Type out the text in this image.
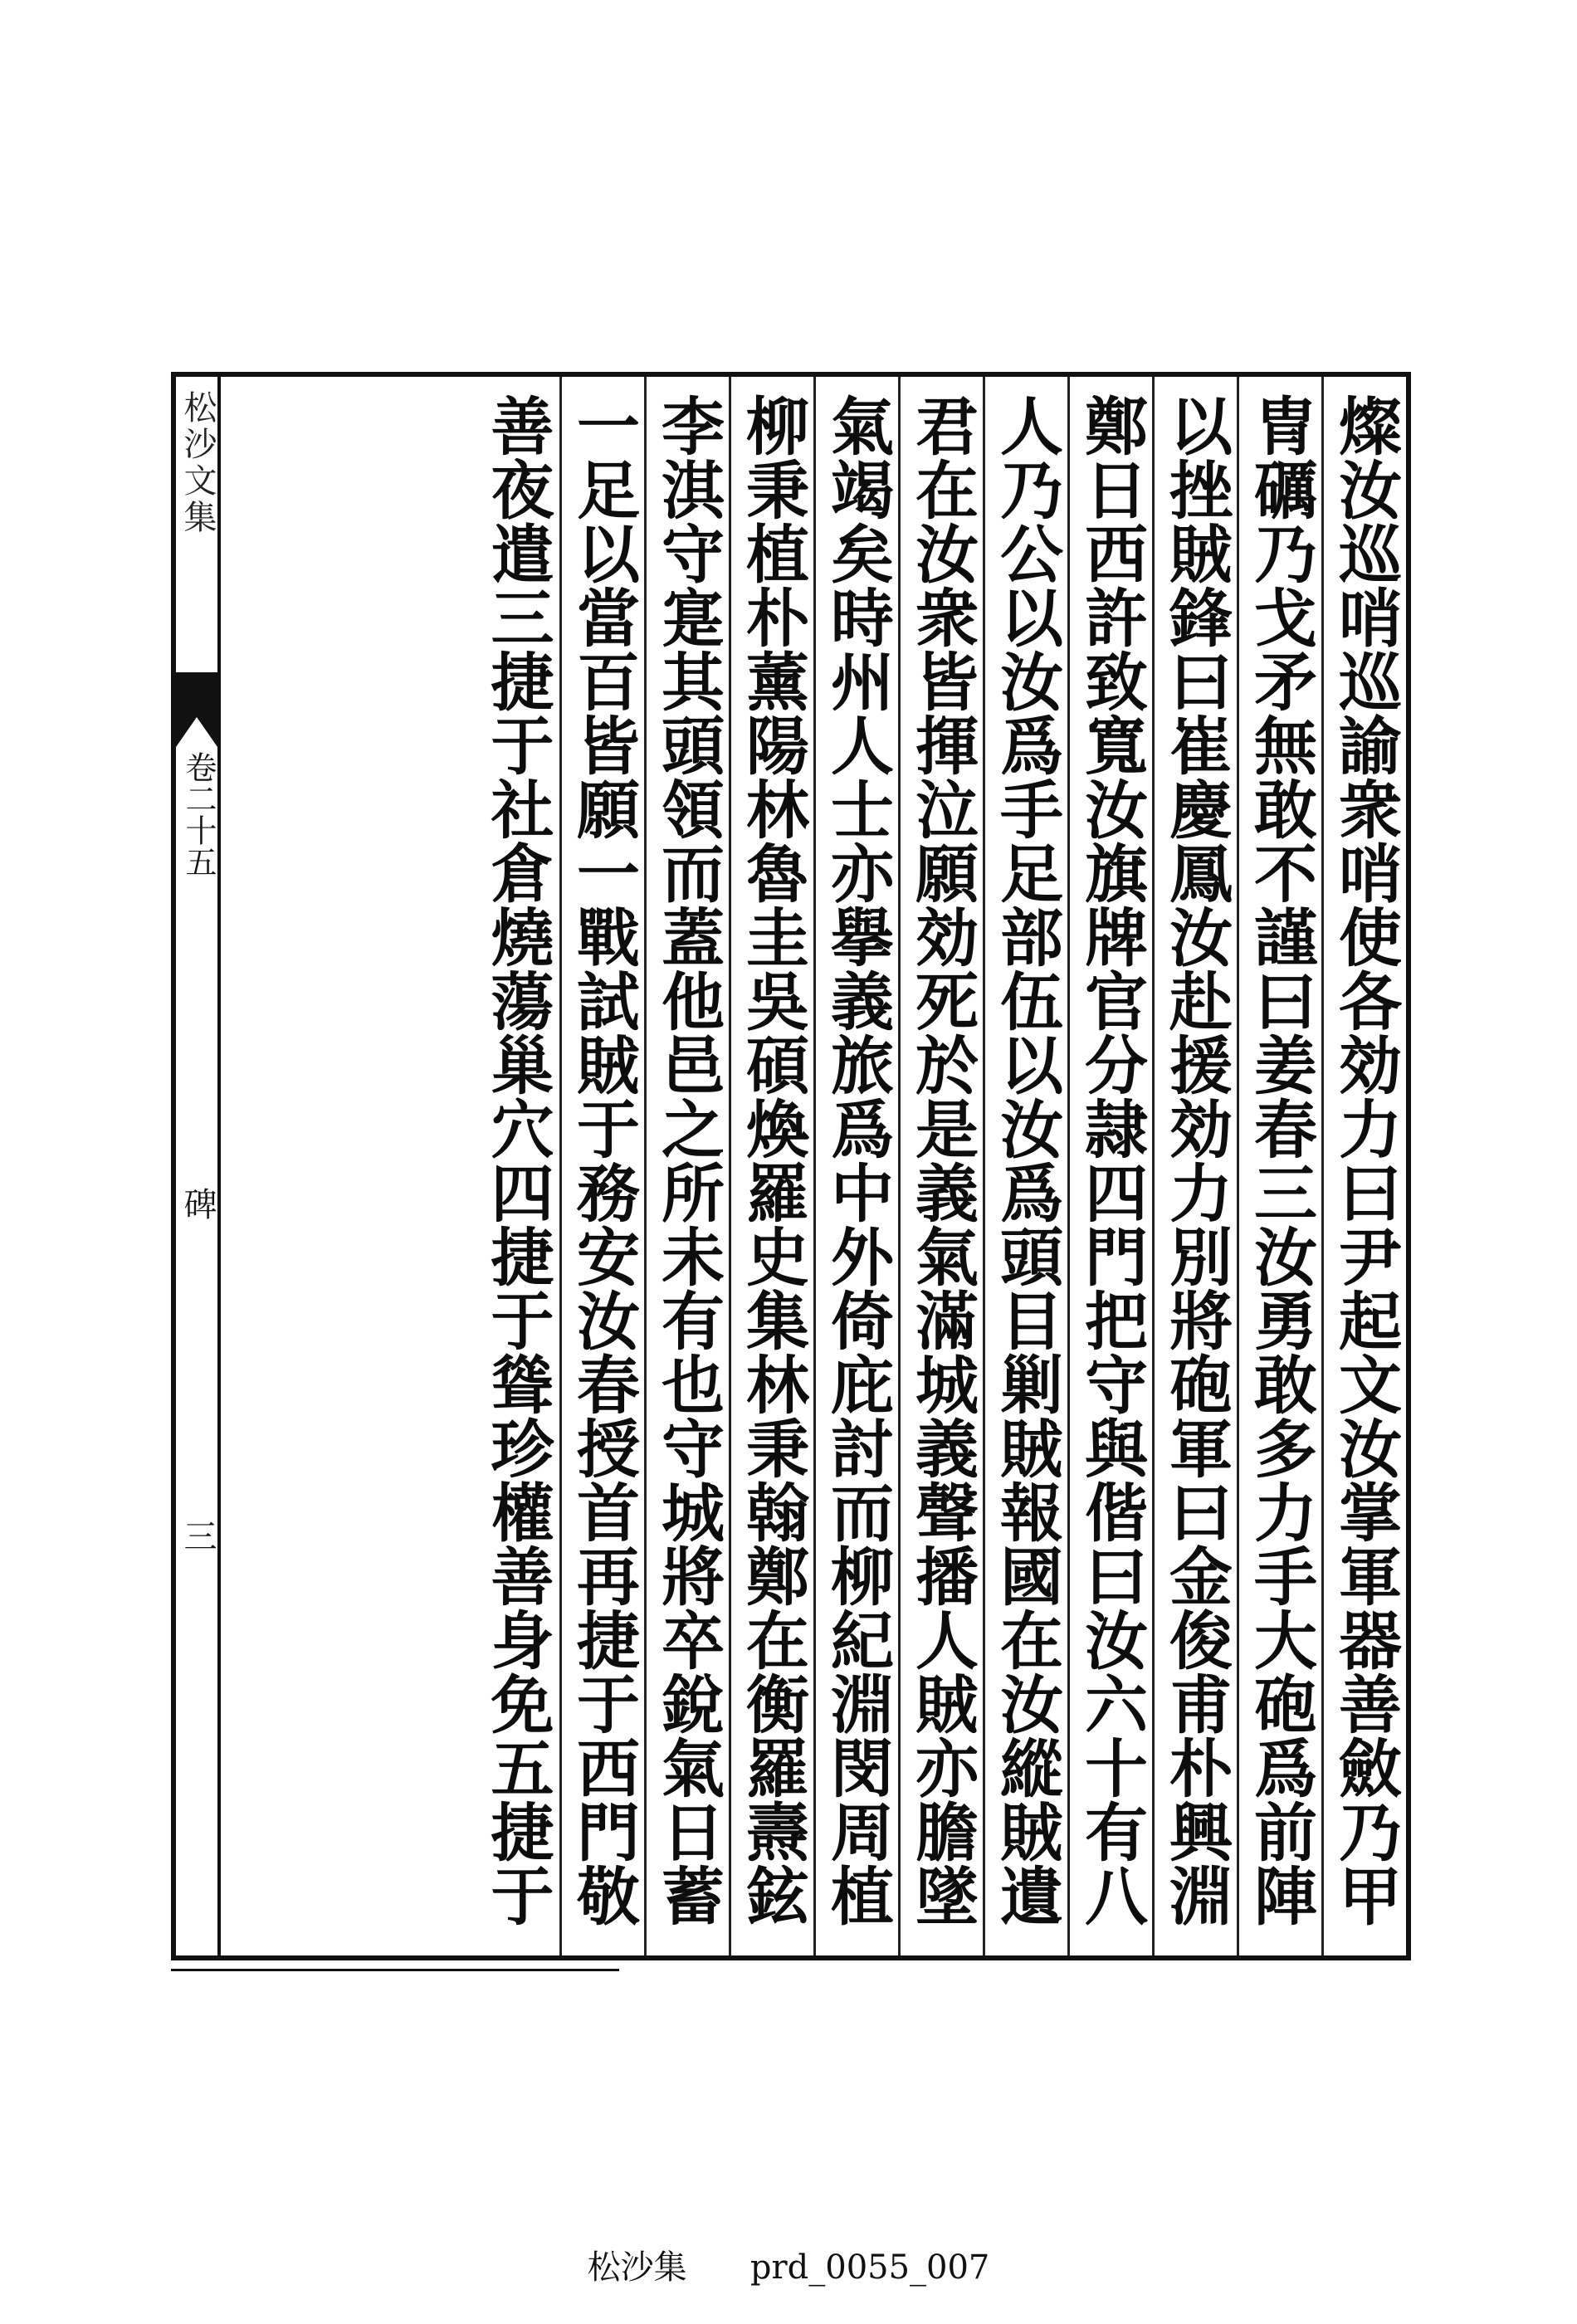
松沙文集
卷二十五
碑
三	燦汝巡哨巡諭衆哨使各効力曰尹起文汝掌軍器善斂乃甲
冑礪乃戈矛無敢不謹曰姜春三汝勇敢多力手大砲爲前陣
以挫賊鋒曰崔慶鳳汝赴援効力別將砲軍曰金俊甫朴興淵
鄭日西許致寬汝旗牌官分隷四門把守與偕曰汝六十有八
人乃公以汝爲手足部伍以汝爲頭目剿賊報國在汝縱賊遺
君在汝衆皆揮泣願効死於是義氣滿城義聲播人賊亦膽墜
氣竭矣時州人士亦擧義旅爲中外倚庇討而柳紀淵閔周植
柳秉植朴薰陽林魯圭吳碩煥羅史集林秉翰鄭在衡羅燾鉉
李淇守寔其頭領而蓋他邑之所未有也守城將卒銳氣日蓄
一足以當百皆願一戰試賊于務安汝春授首再捷于西門敬
善夜遣三捷于社倉燒蕩巢穴四捷于聳珍權善身免五捷于
松沙集 prd_0055_007
